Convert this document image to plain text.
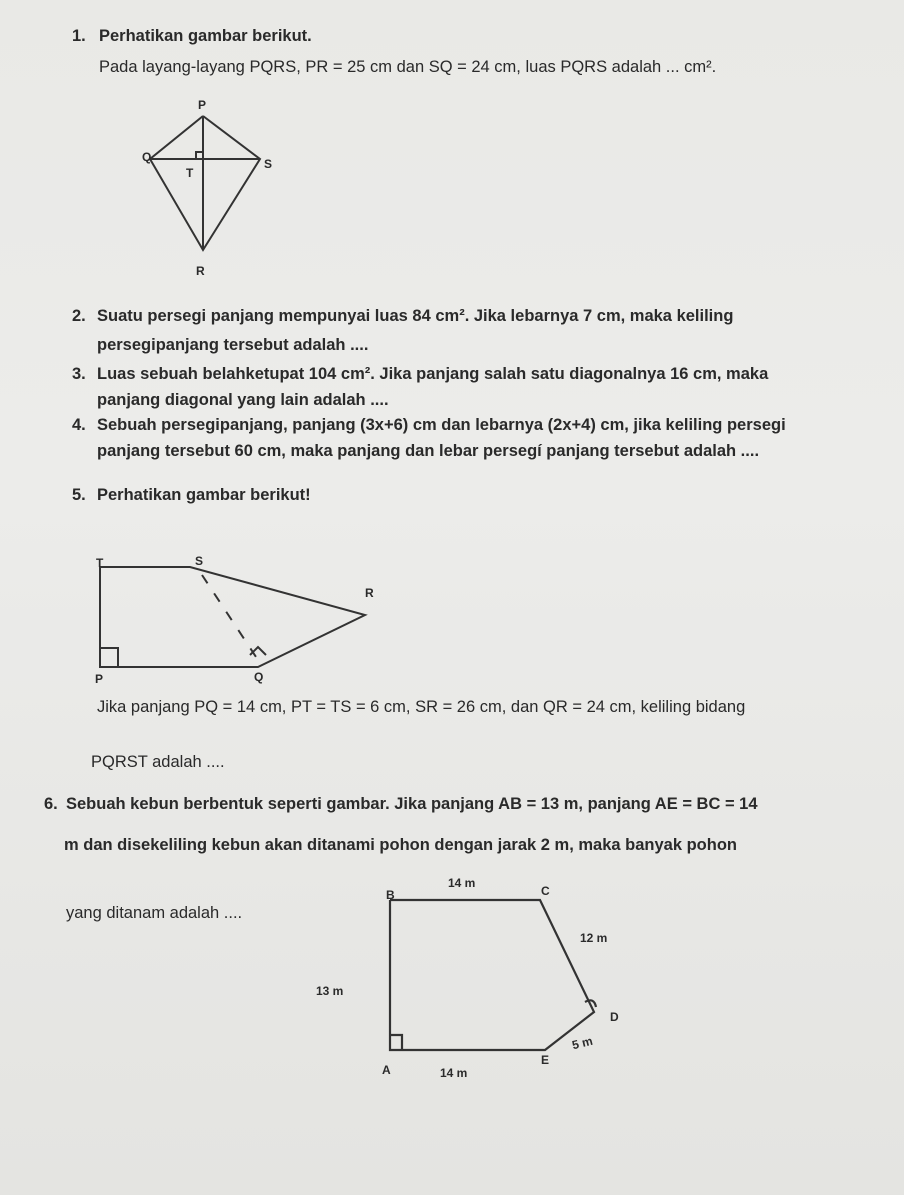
1. Perhatikan gambar berikut.
Pada layang-layang PQRS, PR = 25 cm dan SQ = 24 cm, luas PQRS adalah ... cm².
P
Q	S
T
R
2. Suatu persegi panjang mempunyai luas 84 cm². Jika lebarnya 7 cm, maka keliling
persegipanjang tersebut adalah ....
3. Luas sebuah belahketupat 104 cm². Jika panjang salah satu diagonalnya 16 cm, maka
panjang diagonal yang lain adalah ....
4. Sebuah persegipanjang, panjang (3x+6) cm dan lebarnya (2x+4) cm, jika keliling persegi
panjang tersebut 60 cm, maka panjang dan lebar persegí panjang tersebut adalah ....
5. Perhatikan gambar berikut!
T	S
R
P	Q
Jika panjang PQ = 14 cm, PT = TS = 6 cm, SR = 26 cm, dan QR = 24 cm, keliling bidang
PQRST adalah ....
6. Sebuah kebun berbentuk seperti gambar. Jika panjang AB = 13 m, panjang AE = BC = 14
m dan disekeliling kebun akan ditanami pohon dengan jarak 2 m, maka banyak pohon
yang ditanam adalah ....
B	C
A
E
D
14 m
12 m
13 m
14 m
5 m
